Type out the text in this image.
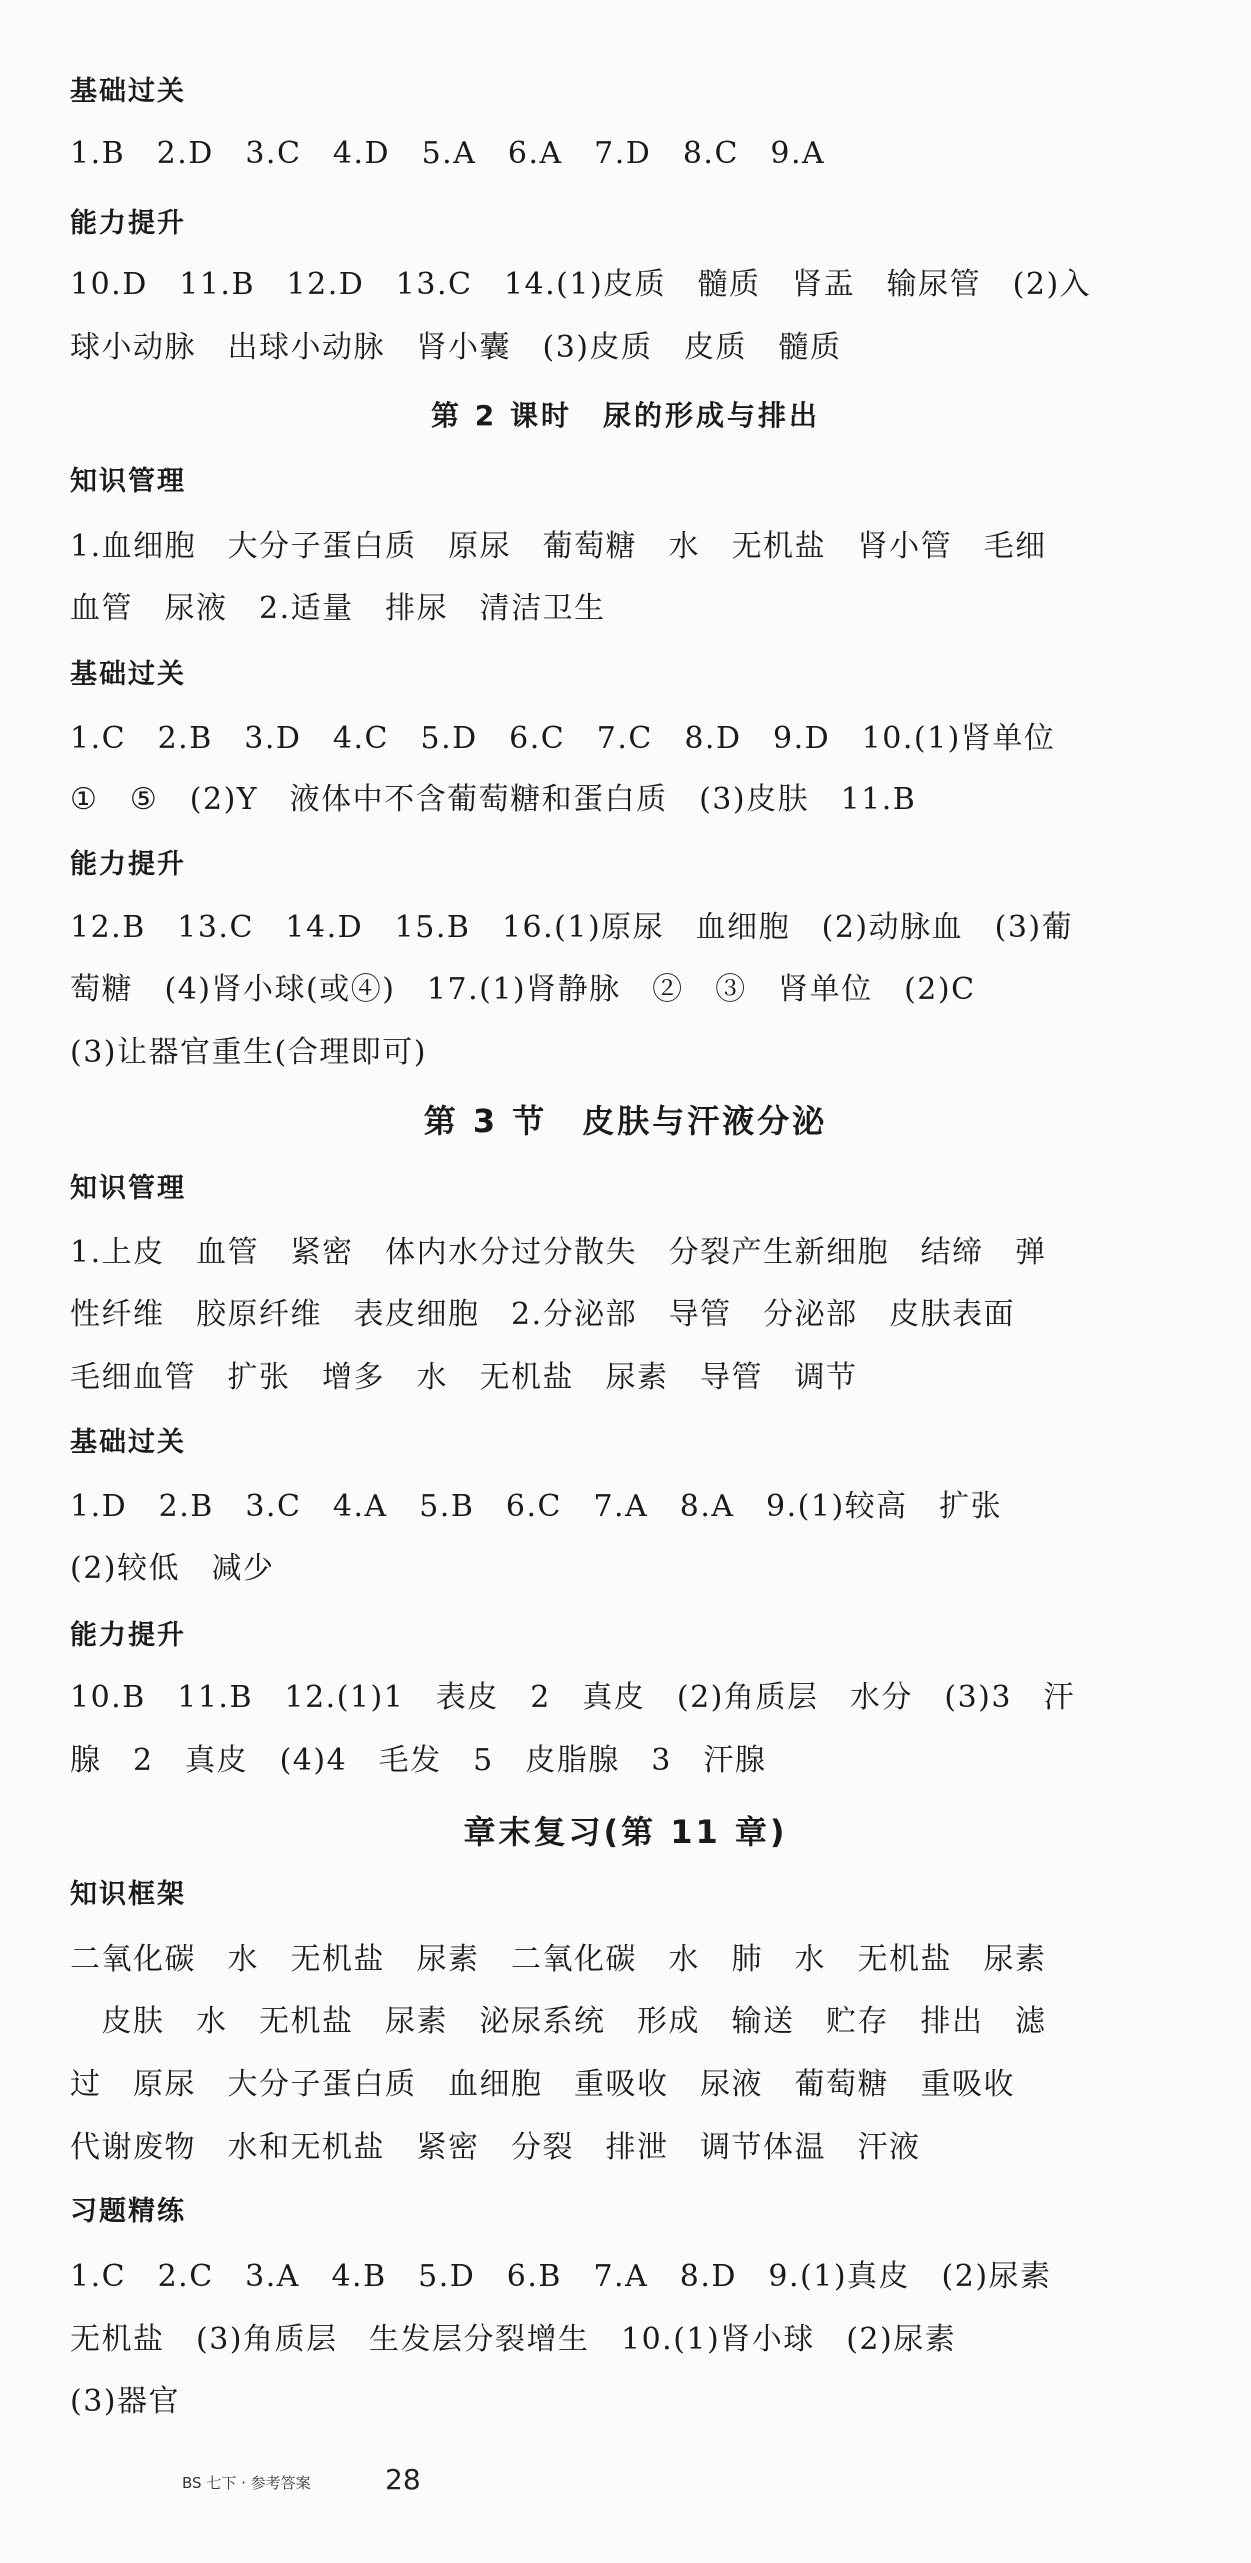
基础过关
1.B　2.D　3.C　4.D　5.A　6.A　7.D　8.C　9.A
能力提升
10.D　11.B　12.D　13.C　14.(1)皮质　髓质　肾盂　输尿管　(2)入
球小动脉　出球小动脉　肾小囊　(3)皮质　皮质　髓质
第 2 课时　尿的形成与排出
知识管理
1.血细胞　大分子蛋白质　原尿　葡萄糖　水　无机盐　肾小管　毛细
血管　尿液　2.适量　排尿　清洁卫生
基础过关
1.C　2.B　3.D　4.C　5.D　6.C　7.C　8.D　9.D　10.(1)肾单位
①　⑤　(2)Y　液体中不含葡萄糖和蛋白质　(3)皮肤　11.B
能力提升
12.B　13.C　14.D　15.B　16.(1)原尿　血细胞　(2)动脉血　(3)葡
萄糖　(4)肾小球(或④)　17.(1)肾静脉　②　③　肾单位　(2)C
(3)让器官重生(合理即可)
第 3 节　皮肤与汗液分泌
知识管理
1.上皮　血管　紧密　体内水分过分散失　分裂产生新细胞　结缔　弹
性纤维　胶原纤维　表皮细胞　2.分泌部　导管　分泌部　皮肤表面
毛细血管　扩张　增多　水　无机盐　尿素　导管　调节
基础过关
1.D　2.B　3.C　4.A　5.B　6.C　7.A　8.A　9.(1)较高　扩张
(2)较低　减少
能力提升
10.B　11.B　12.(1)1　表皮　2　真皮　(2)角质层　水分　(3)3　汗
腺　2　真皮　(4)4　毛发　5　皮脂腺　3　汗腺
章末复习(第 11 章)
知识框架
二氧化碳　水　无机盐　尿素　二氧化碳　水　肺　水　无机盐　尿素
　皮肤　水　无机盐　尿素　泌尿系统　形成　输送　贮存　排出　滤
过　原尿　大分子蛋白质　血细胞　重吸收　尿液　葡萄糖　重吸收
代谢废物　水和无机盐　紧密　分裂　排泄　调节体温　汗液
习题精练
1.C　2.C　3.A　4.B　5.D　6.B　7.A　8.D　9.(1)真皮　(2)尿素
无机盐　(3)角质层　生发层分裂增生　10.(1)肾小球　(2)尿素
(3)器官
BS 七下 · 参考答案	28
